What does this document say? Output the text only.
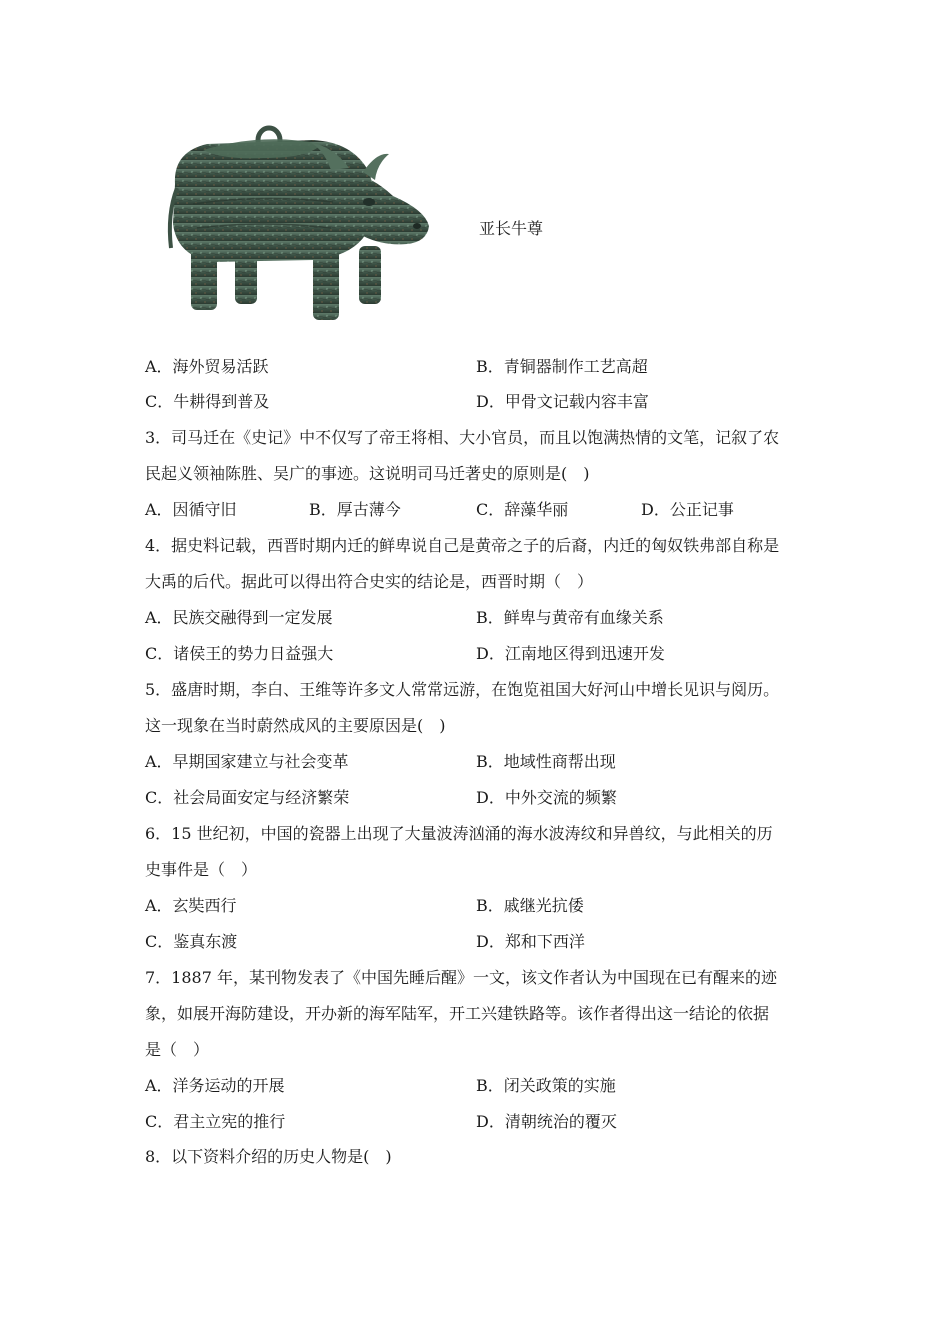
亚长牛尊
A．海外贸易活跃	B．青铜器制作工艺高超
C．牛耕得到普及	D．甲骨文记载内容丰富
3．司马迁在《史记》中不仅写了帝王将相、大小官员，而且以饱满热情的文笔，记叙了农
民起义领袖陈胜、吴广的事迹。这说明司马迁著史的原则是(　)
A．因循守旧	B．厚古薄今	C．辞藻华丽	D．公正记事
4．据史料记载，西晋时期内迁的鲜卑说自己是黄帝之子的后裔，内迁的匈奴铁弗部自称是
大禹的后代。据此可以得出符合史实的结论是，西晋时期（　）
A．民族交融得到一定发展	B．鲜卑与黄帝有血缘关系
C．诸侯王的势力日益强大	D．江南地区得到迅速开发
5．盛唐时期，李白、王维等许多文人常常远游，在饱览祖国大好河山中增长见识与阅历。
这一现象在当时蔚然成风的主要原因是(　)
A．早期国家建立与社会变革	B．地域性商帮出现
C．社会局面安定与经济繁荣	D．中外交流的频繁
6．15 世纪初，中国的瓷器上出现了大量波涛汹涌的海水波涛纹和异兽纹，与此相关的历
史事件是（　）
A．玄奘西行	B．戚继光抗倭
C．鉴真东渡	D．郑和下西洋
7．1887 年，某刊物发表了《中国先睡后醒》一文，该文作者认为中国现在已有醒来的迹
象，如展开海防建设，开办新的海军陆军，开工兴建铁路等。该作者得出这一结论的依据
是（　）
A．洋务运动的开展	B．闭关政策的实施
C．君主立宪的推行	D．清朝统治的覆灭
8．以下资料介绍的历史人物是(　)
